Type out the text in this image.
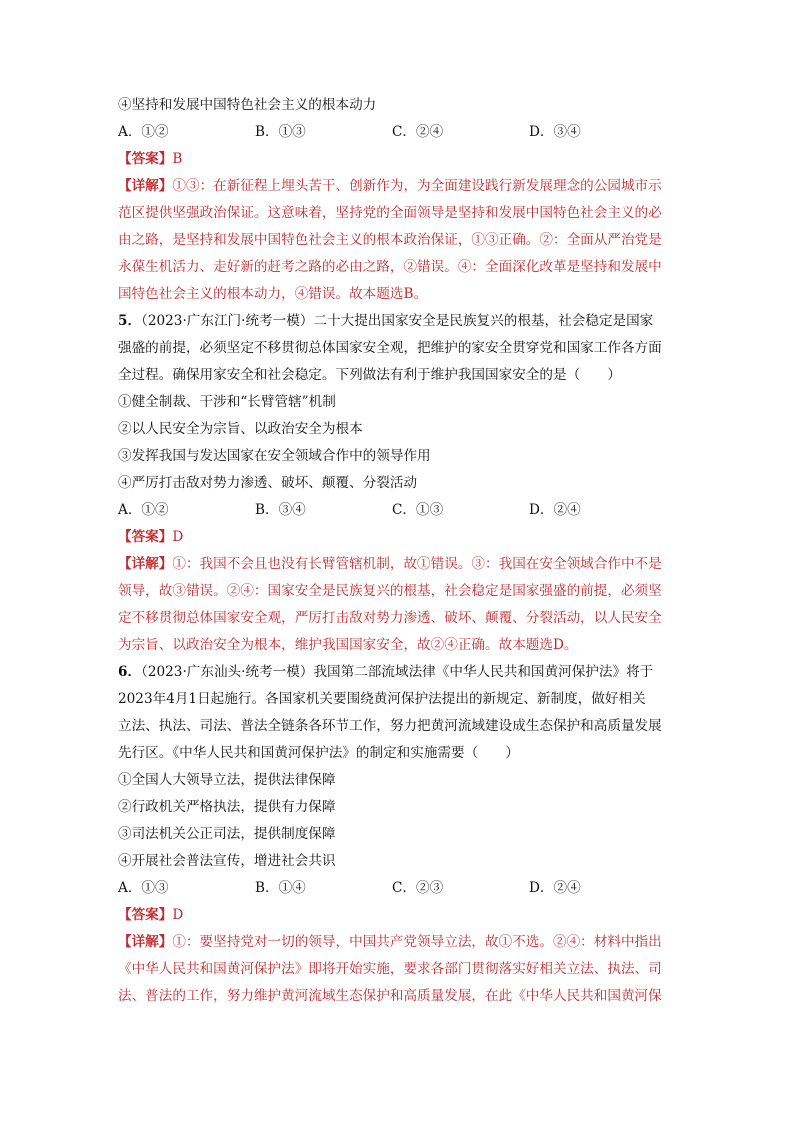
④坚持和发展中国特色社会主义的根本动力
A．①②	B．①③	C．②④	D．③④
【答案】B
【详解】①③：在新征程上埋头苦干、创新作为，为全面建设践行新发展理念的公园城市示
范区提供坚强政治保证。这意味着，坚持党的全面领导是坚持和发展中国特色社会主义的必
由之路，是坚持和发展中国特色社会主义的根本政治保证，①③正确。②：全面从严治党是
永葆生机活力、走好新的赶考之路的必由之路，②错误。④：全面深化改革是坚持和发展中
国特色社会主义的根本动力，④错误。故本题选B。
5．（2023·广东江门·统考一模）二十大提出国家安全是民族复兴的根基，社会稳定是国家
强盛的前提，必须坚定不移贯彻总体国家安全观，把维护的家安全贯穿党和国家工作各方面
全过程。确保用家安全和社会稳定。下列做法有利于维护我国国家安全的是（　　）
①健全制裁、干涉和“长臂管辖”机制
②以人民安全为宗旨、以政治安全为根本
③发挥我国与发达国家在安全领域合作中的领导作用
④严厉打击敌对势力渗透、破坏、颠覆、分裂活动
A．①②	B．③④	C．①③	D．②④
【答案】D
【详解】①：我国不会且也没有长臂管辖机制，故①错误。③：我国在安全领域合作中不是
领导，故③错误。②④：国家安全是民族复兴的根基，社会稳定是国家强盛的前提，必须坚
定不移贯彻总体国家安全观，严厉打击敌对势力渗透、破坏、颠覆、分裂活动，以人民安全
为宗旨、以政治安全为根本，维护我国国家安全，故②④正确。故本题选D。
6．（2023·广东汕头·统考一模）我国第二部流域法律《中华人民共和国黄河保护法》将于
2023年4月1日起施行。各国家机关要围绕黄河保护法提出的新规定、新制度，做好相关
立法、执法、司法、普法全链条各环节工作，努力把黄河流域建设成生态保护和高质量发展
先行区。《中华人民共和国黄河保护法》的制定和实施需要（　　）
①全国人大领导立法，提供法律保障
②行政机关严格执法，提供有力保障
③司法机关公正司法，提供制度保障
④开展社会普法宣传，增进社会共识
A．①③	B．①④	C．②③	D．②④
【答案】D
【详解】①：要坚持党对一切的领导，中国共产党领导立法，故①不选。②④：材料中指出
《中华人民共和国黄河保护法》即将开始实施，要求各部门贯彻落实好相关立法、执法、司
法、普法的工作，努力维护黄河流域生态保护和高质量发展，在此《中华人民共和国黄河保
